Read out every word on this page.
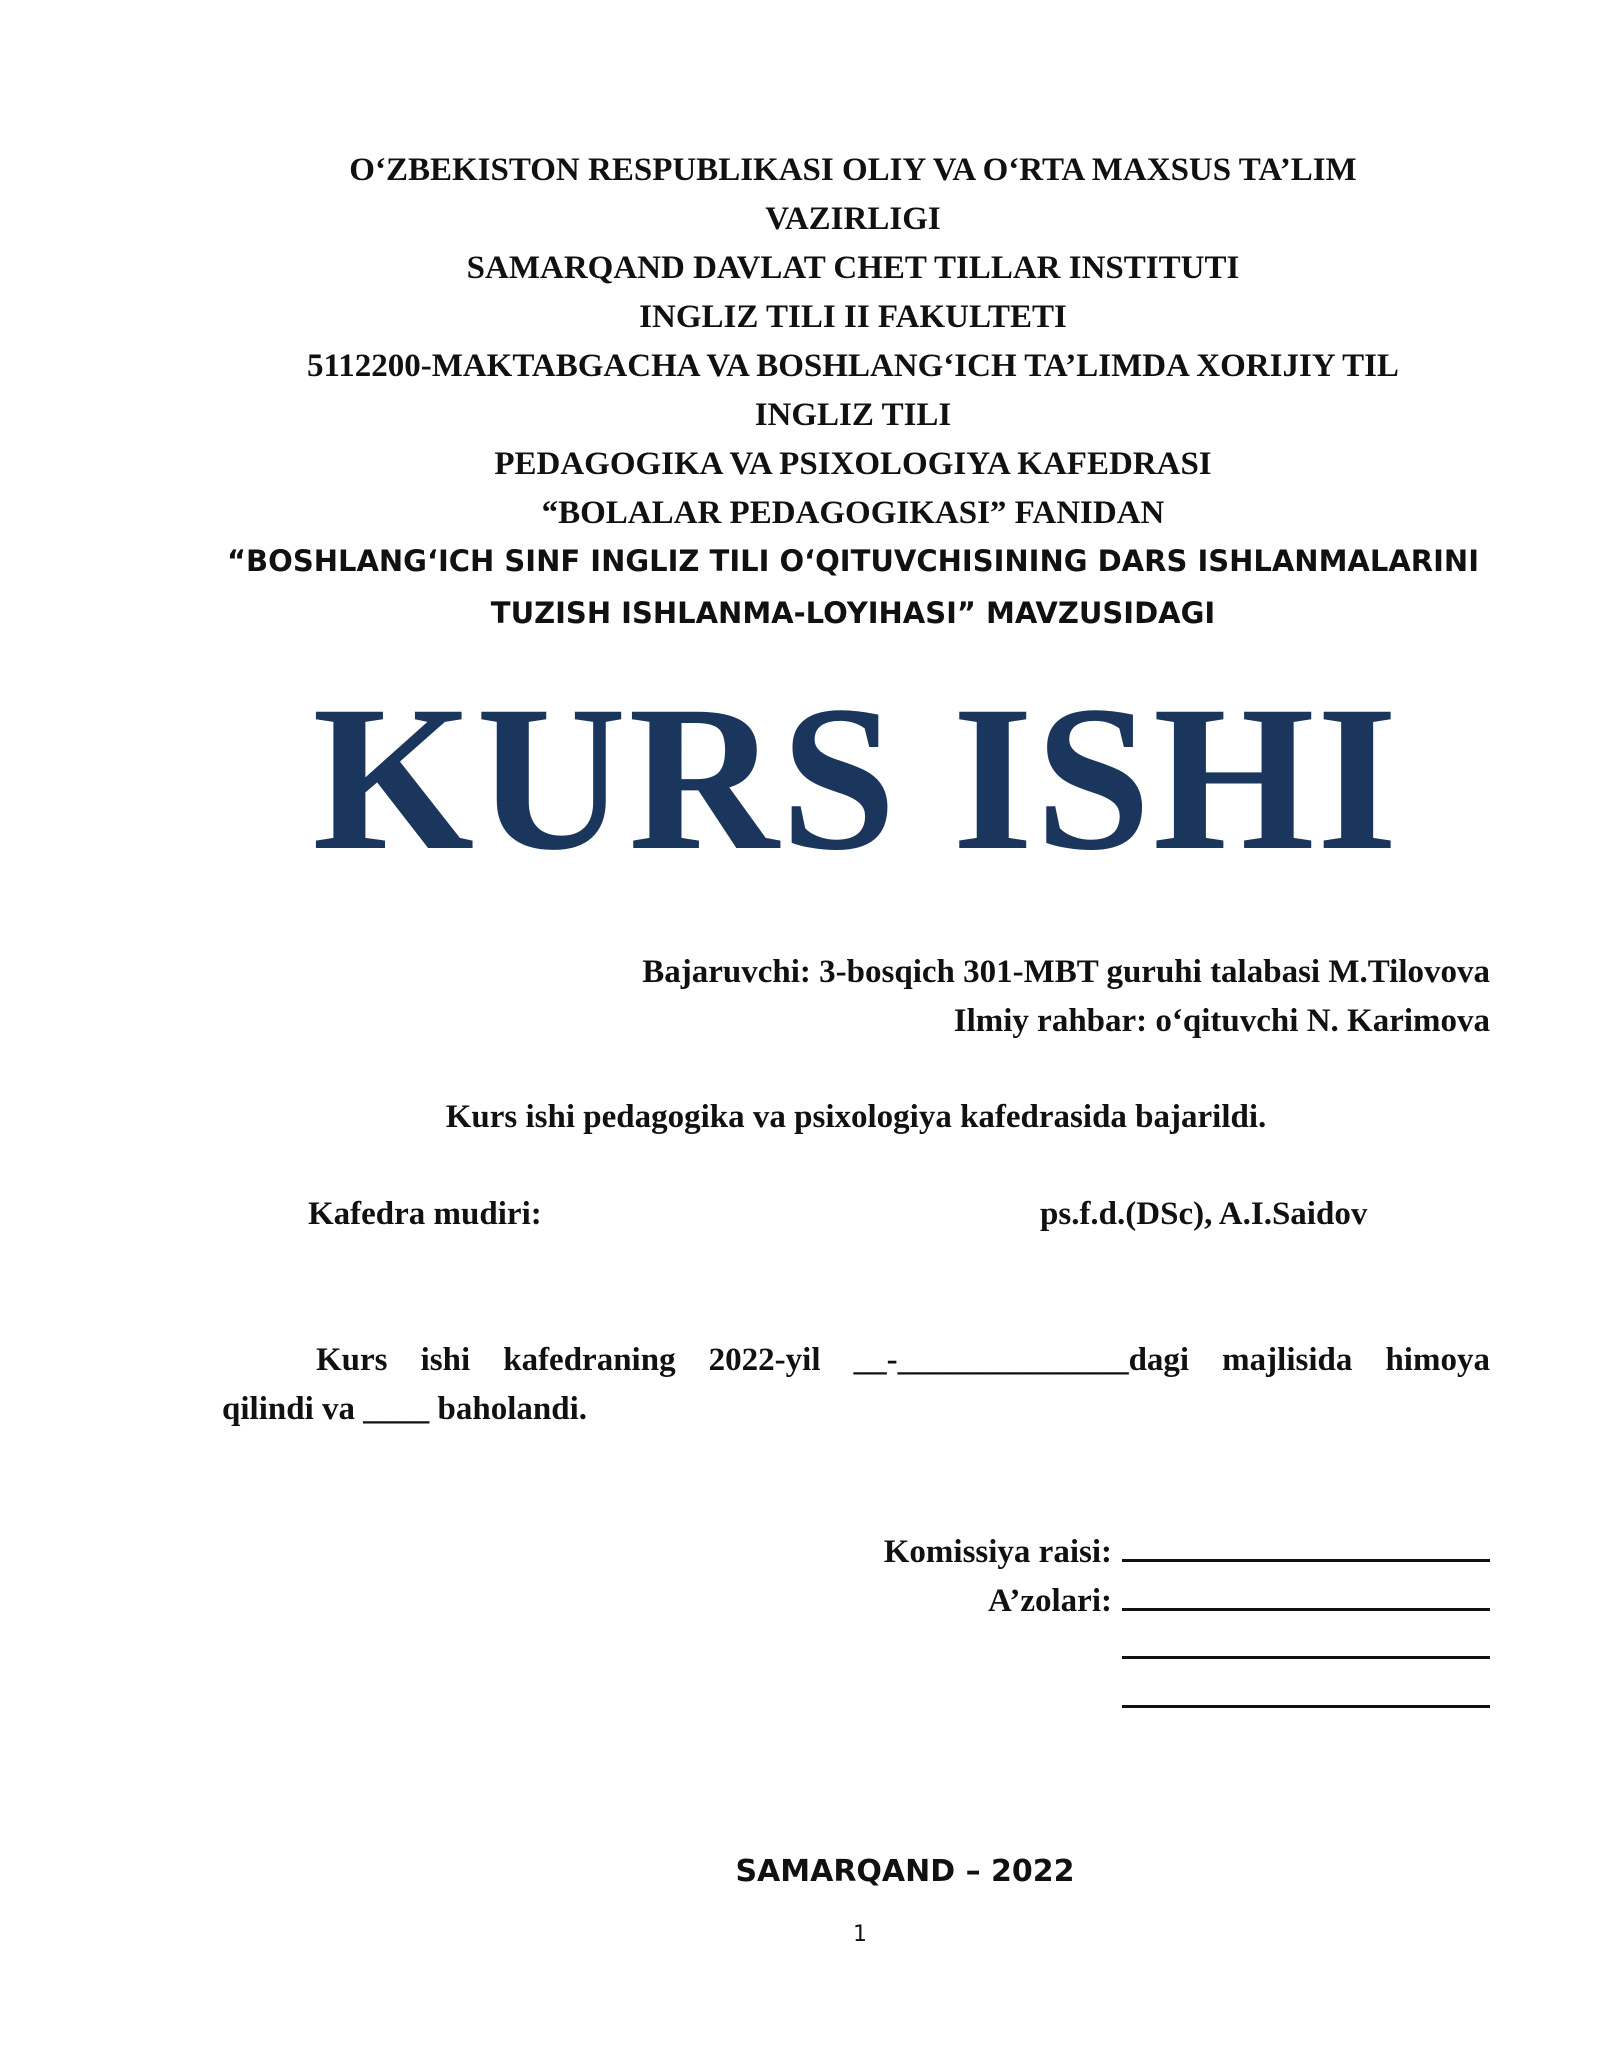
O‘ZBEKISTON RESPUBLIKASI OLIY VA O‘RTA MAXSUS TA’LIM
VAZIRLIGI
SAMARQAND DAVLAT CHET TILLAR INSTITUTI
INGLIZ TILI II FAKULTETI
5112200-MAKTABGACHA VA BOSHLANG‘ICH TA’LIMDA XORIJIY TIL
INGLIZ TILI
PEDAGOGIKA VA PSIXOLOGIYA KAFEDRASI
“BOLALAR PEDAGOGIKASI” FANIDAN
“BOSHLANG‘ICH SINF INGLIZ TILI O‘QITUVCHISINING DARS ISHLANMALARINI
TUZISH ISHLANMA-LOYIHASI” MAVZUSIDAGI
KURS ISHI
Bajaruvchi: 3-bosqich 301-MBT guruhi talabasi M.Tilovova
Ilmiy rahbar: o‘qituvchi N. Karimova
Kurs ishi pedagogika va psixologiya kafedrasida bajarildi.
Kafedra mudiri:	ps.f.d.(DSc), A.I.Saidov
Kurs ishi kafedraning 2022-yil __-______________dagi majlisida himoya
qilindi va ____ baholandi.
Komissiya raisi:
A’zolari:
SAMARQAND – 2022
1
